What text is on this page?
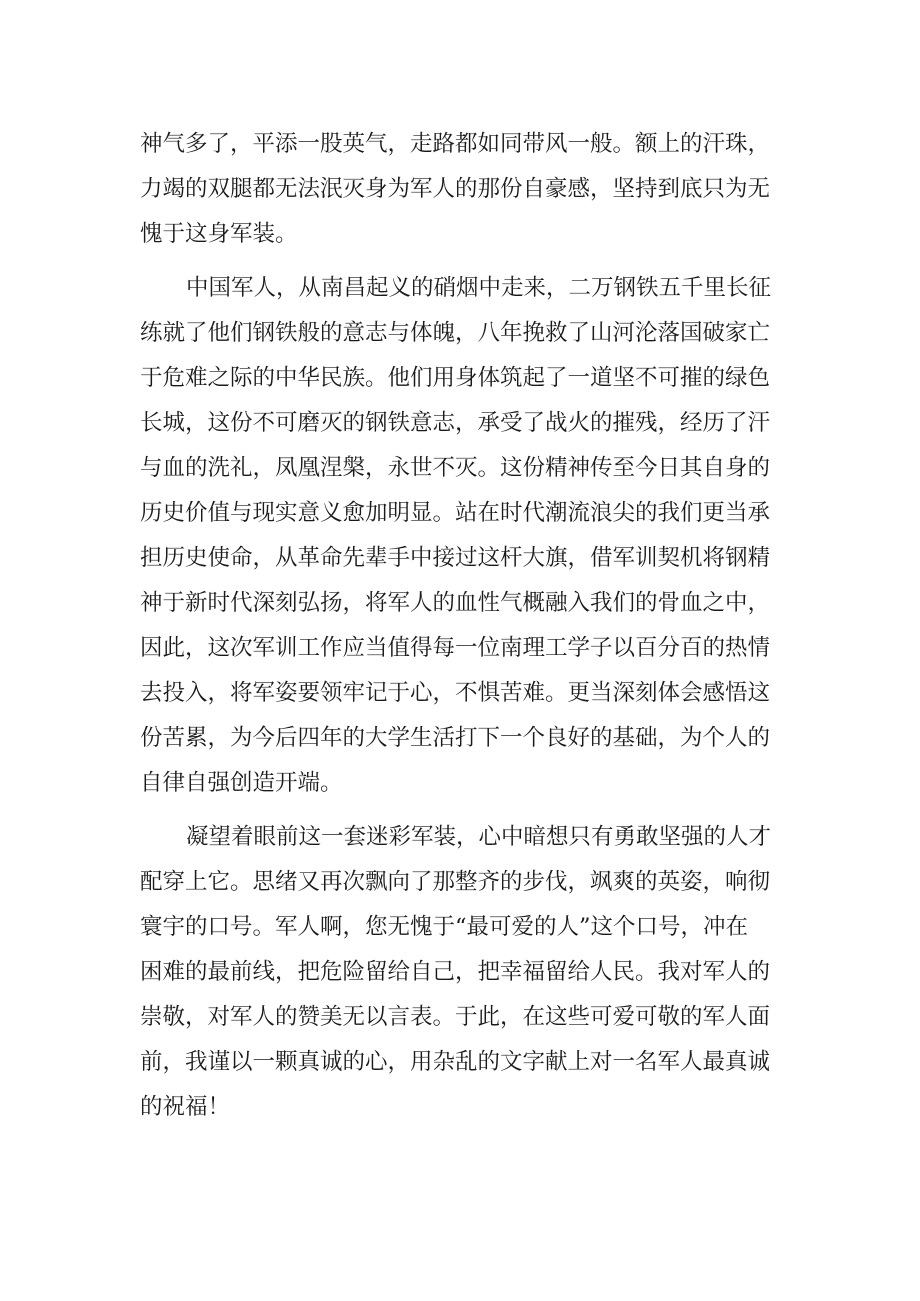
神气多了，平添一股英气，走路都如同带风一般。额上的汗珠，
力竭的双腿都无法泯灭身为军人的那份自豪感，坚持到底只为无
愧于这身军装。
中国军人，从南昌起义的硝烟中走来，二万钢铁五千里长征
练就了他们钢铁般的意志与体魄，八年挽救了山河沦落国破家亡
于危难之际的中华民族。他们用身体筑起了一道坚不可摧的绿色
长城，这份不可磨灭的钢铁意志，承受了战火的摧残，经历了汗
与血的洗礼，凤凰涅槃，永世不灭。这份精神传至今日其自身的
历史价值与现实意义愈加明显。站在时代潮流浪尖的我们更当承
担历史使命，从革命先辈手中接过这杆大旗，借军训契机将钢精
神于新时代深刻弘扬，将军人的血性气概融入我们的骨血之中，
因此，这次军训工作应当值得每一位南理工学子以百分百的热情
去投入，将军姿要领牢记于心，不惧苦难。更当深刻体会感悟这
份苦累，为今后四年的大学生活打下一个良好的基础，为个人的
自律自强创造开端。
凝望着眼前这一套迷彩军装，心中暗想只有勇敢坚强的人才
配穿上它。思绪又再次飘向了那整齐的步伐，飒爽的英姿，响彻
寰宇的口号。军人啊，您无愧于“最可爱的人”这个口号，冲在
困难的最前线，把危险留给自己，把幸福留给人民。我对军人的
崇敬，对军人的赞美无以言表。于此，在这些可爱可敬的军人面
前，我谨以一颗真诚的心，用杂乱的文字献上对一名军人最真诚
的祝福！
